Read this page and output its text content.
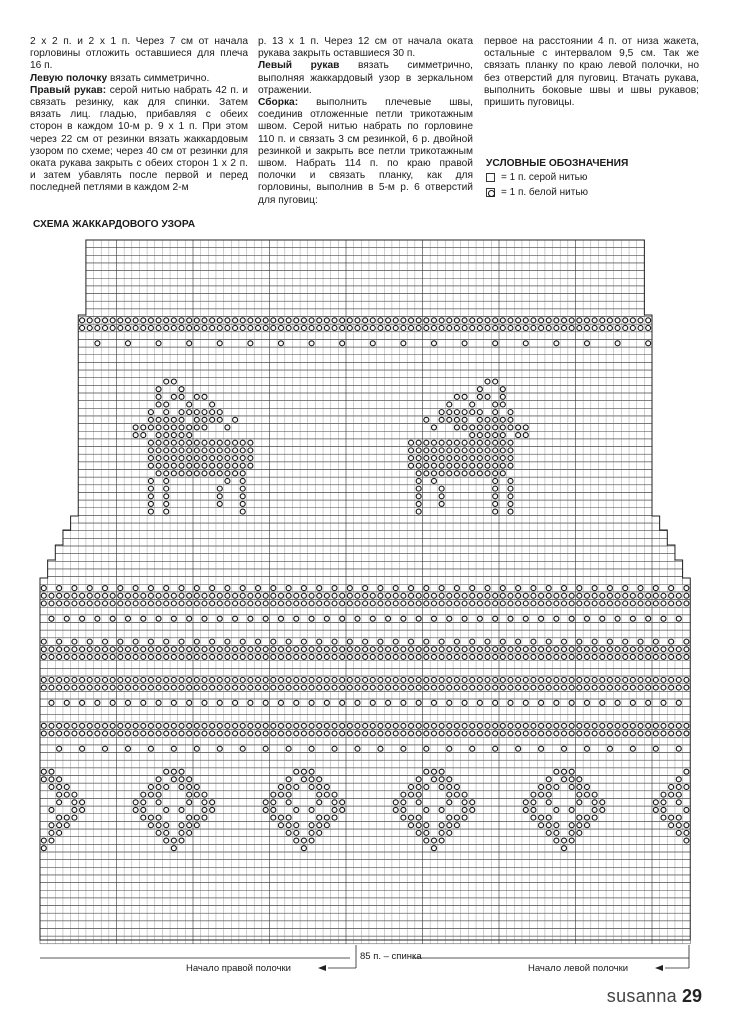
2 х 2 п. и 2 х 1 п. Через 7 см от начала горловины отложить оставшиеся для плеча 16 п.

Левую полочку вязать симметрично.

Правый рукав: серой нитью набрать 42 п. и связать резинку, как для спинки. Затем вязать лиц. гладью, прибавляя с обеих сторон в каждом 10-м р. 9 х 1 п. При этом через 22 см от резинки вязать жаккардовым узором по схеме; через 40 см от резинки для оката рукава закрыть с обеих сторон 1 х 2 п. и затем убавлять после первой и перед последней петлями в каждом 2-м

р. 13 х 1 п. Через 12 см от начала оката рукава закрыть оставшиеся 30 п.

Левый рукав вязать симметрично, выполняя жаккардовый узор в зеркальном отражении.

Сборка: выполнить плечевые швы, соединив отложенные петли трикотажным швом. Серой нитью набрать по горловине 110 п. и связать 3 см резинкой, 6 р. двойной резинкой и закрыть все петли трикотажным швом. Набрать 114 п. по краю правой полочки и связать планку, как для горловины, выполнив в 5-м р. 6 отверстий для пуговиц:

первое на расстоянии 4 п. от низа жакета, остальные с интервалом 9,5 см. Так же связать планку по краю левой полочки, но без отверстий для пуговиц. Втачать рукава, выполнить боковые швы и швы рукавов; пришить пуговицы.

УСЛОВНЫЕ ОБОЗНАЧЕНИЯ
= 1 п. серой нитью
= 1 п. белой нитью
СХЕМА ЖАККАРДОВОГО УЗОРА
85 п. – спинка
Начало правой полочки	Начало левой полочки
susanna 29
